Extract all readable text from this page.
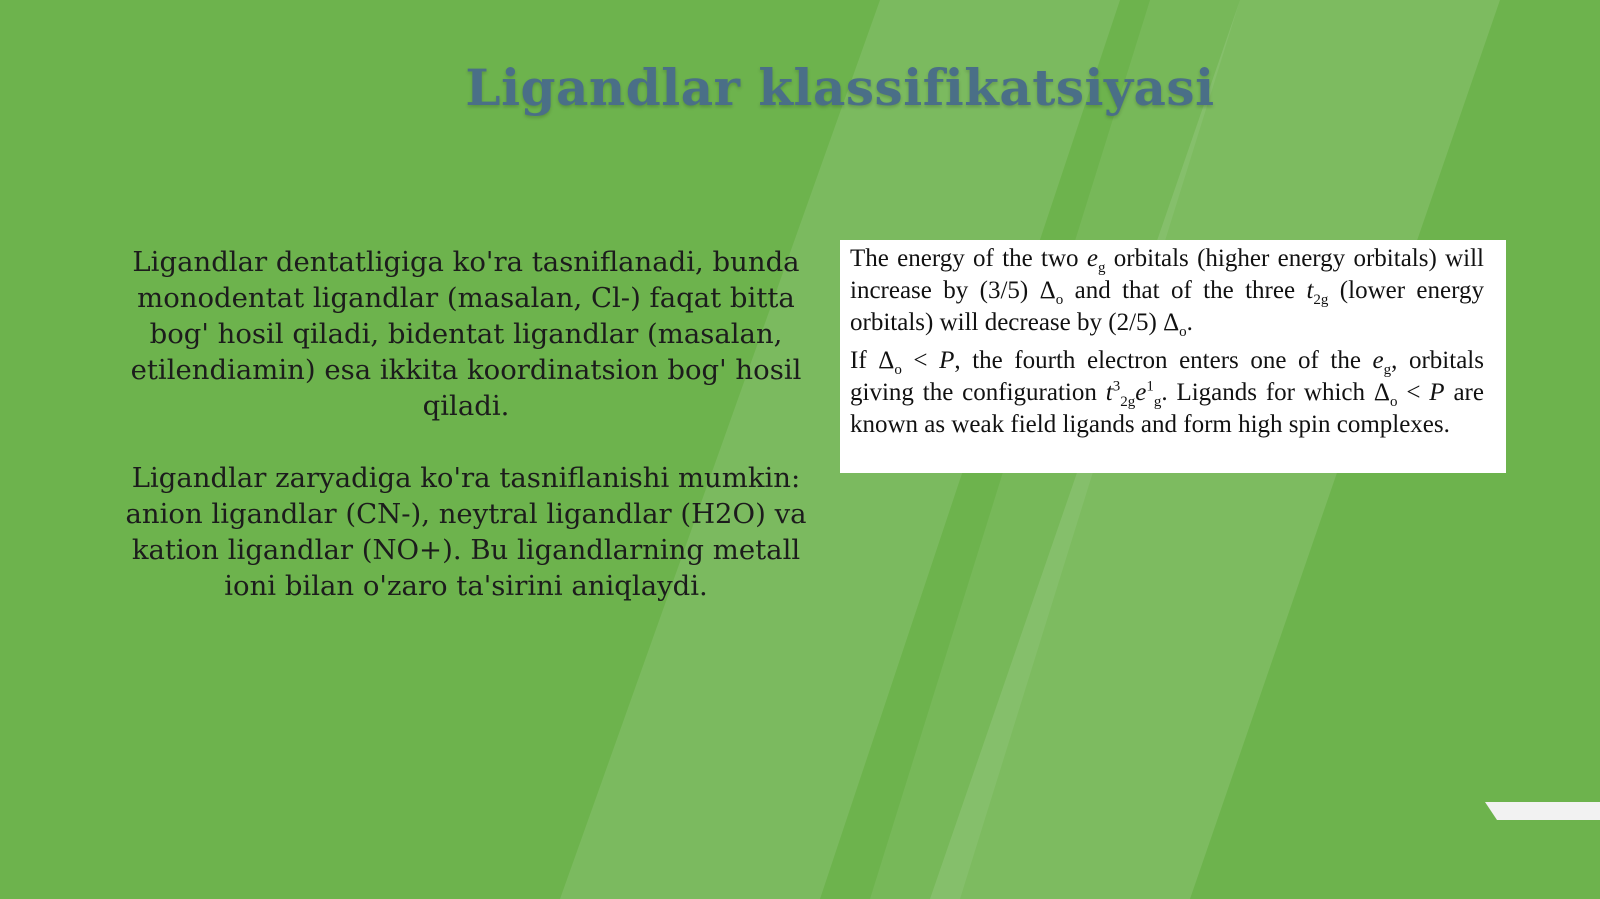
Ligandlar klassifikatsiyasi

Ligandlar dentatligiga ko'ra tasniflanadi, bunda monodentat ligandlar (masalan, Cl-) faqat bitta bog' hosil qiladi, bidentat ligandlar (masalan, etilendiamin) esa ikkita koordinatsion bog' hosil qiladi.

Ligandlar zaryadiga ko'ra tasniflanishi mumkin: anion ligandlar (CN-), neytral ligandlar (H2O) va kation ligandlar (NO+). Bu ligandlarning metall ioni bilan o'zaro ta'sirini aniqlaydi.

The energy of the two $e_g$ orbitals (higher energy orbitals) will increase by (3/5) $\Delta_o$ and that of the three $t_{2g}$ (lower energy orbitals) will decrease by (2/5) $\Delta_o$.

If $\Delta_o < P$, the fourth electron enters one of the $e_g$, orbitals giving the configuration $t^3_{2g}e^1_g$. Ligands for which $\Delta_o < P$ are known as weak field ligands and form high spin complexes.
